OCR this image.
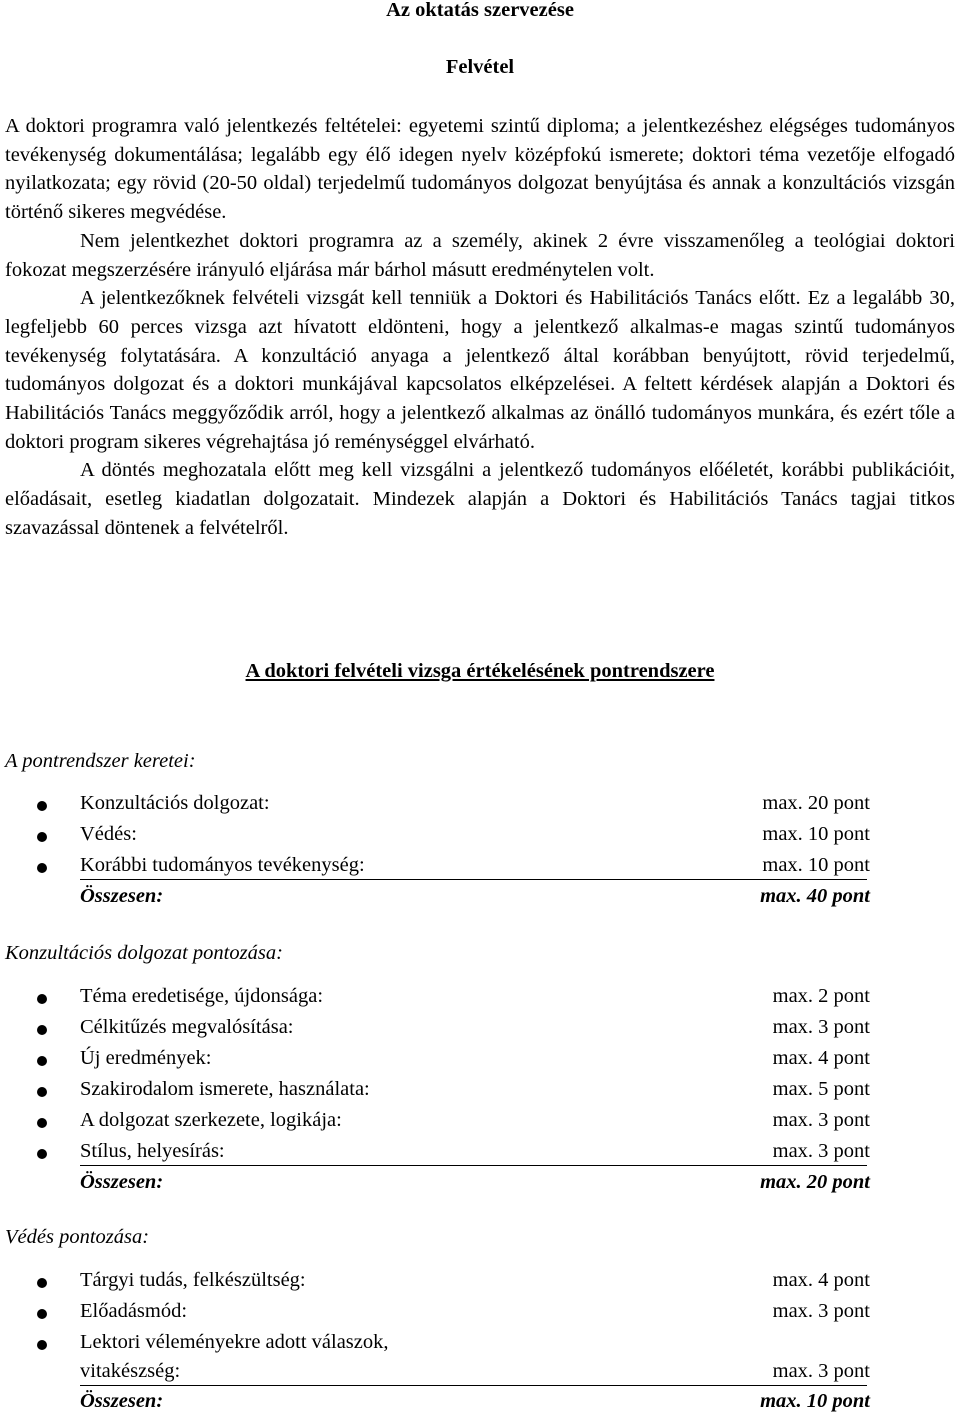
Az oktatás szervezése
Felvétel

A doktori programra való jelentkezés feltételei: egyetemi szintű diploma; a jelentkezéshez elégséges tudományos tevékenység dokumentálása; legalább egy élő idegen nyelv középfokú ismerete; doktori téma vezetője elfogadó nyilatkozata; egy rövid (20-50 oldal) terjedelmű tudományos dolgozat benyújtása és annak a konzultációs vizsgán történő sikeres megvédése.

Nem jelentkezhet doktori programra az a személy, akinek 2 évre visszamenőleg a teológiai doktori fokozat megszerzésére irányuló eljárása már bárhol másutt eredménytelen volt.

A jelentkezőknek felvételi vizsgát kell tenniük a Doktori és Habilitációs Tanács előtt. Ez a legalább 30, legfeljebb 60 perces vizsga azt hívatott eldönteni, hogy a jelentkező alkalmas-e magas szintű tudományos tevékenység folytatására. A konzultáció anyaga a jelentkező által korábban benyújtott, rövid terjedelmű, tudományos dolgozat és a doktori munkájával kapcsolatos elképzelései. A feltett kérdések alapján a Doktori és Habilitációs Tanács meggyőződik arról, hogy a jelentkező alkalmas az önálló tudományos munkára, és ezért tőle a doktori program sikeres végrehajtása jó reménységgel elvárható.

A döntés meghozatala előtt meg kell vizsgálni a jelentkező tudományos előéletét, korábbi publikációit, előadásait, esetleg kiadatlan dolgozatait. Mindezek alapján a Doktori és Habilitációs Tanács tagjai titkos szavazással döntenek a felvételről.

A doktori felvételi vizsga értékelésének pontrendszere
A pontrendszer keretei:
Konzultációs dolgozat:	max. 20 pont
Védés:	max. 10 pont
Korábbi tudományos tevékenység:	max. 10 pont
Összesen:	max. 40 pont
Konzultációs dolgozat pontozása:
Téma eredetisége, újdonsága:	max. 2 pont
Célkitűzés megvalósítása:	max. 3 pont
Új eredmények:	max. 4 pont
Szakirodalom ismerete, használata:	max. 5 pont
A dolgozat szerkezete, logikája:	max. 3 pont
Stílus, helyesírás:	max. 3 pont
Összesen:	max. 20 pont
Védés pontozása:
Tárgyi tudás, felkészültség:	max. 4 pont
Előadásmód:	max. 3 pont
Lektori véleményekre adott válaszok,
vitakészség:	max. 3 pont
Összesen:	max. 10 pont
